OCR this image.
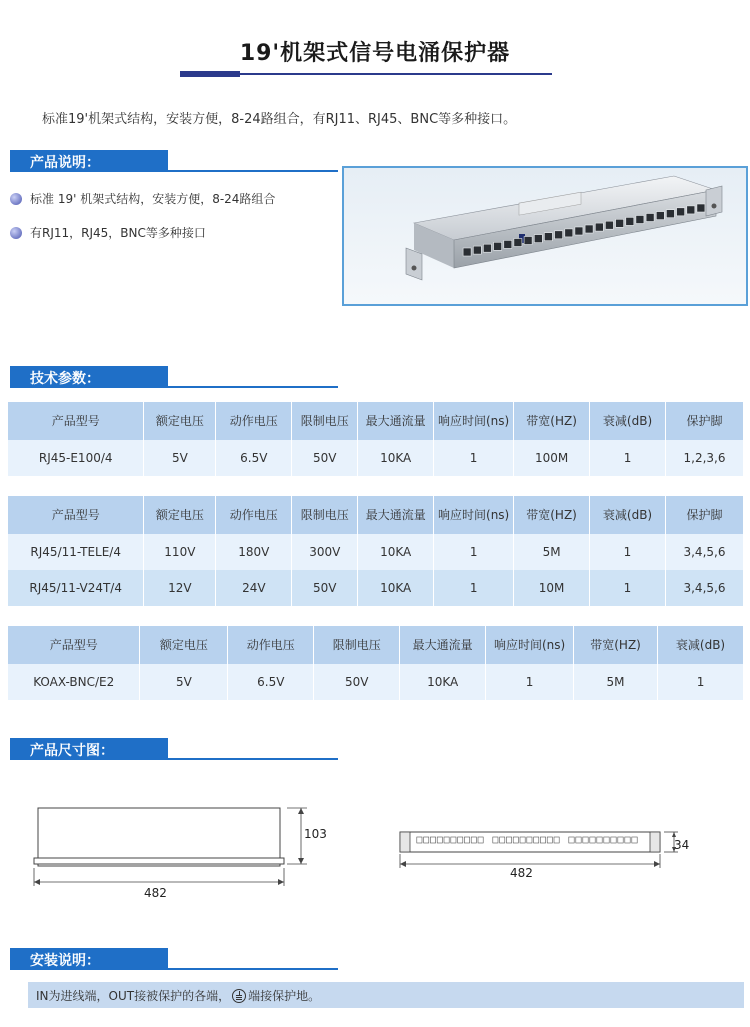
19'机架式信号电涌保护器
标准19'机架式结构，安装方便，8-24路组合，有RJ11、RJ45、BNC等多种接口。
产品说明：
标准 19' 机架式结构，安装方便，8-24路组合
有RJ11，RJ45，BNC等多种接口
技术参数：
产品型号	额定电压	动作电压	限制电压	最大通流量	响应时间(ns)	带宽(HZ)	衰减(dB)	保护脚
RJ45-E100/4	5V	6.5V	50V	10KA	1	100M	1	1,2,3,6
产品型号	额定电压	动作电压	限制电压	最大通流量	响应时间(ns)	带宽(HZ)	衰减(dB)	保护脚
RJ45/11-TELE/4	110V	180V	300V	10KA	1	5M	1	3,4,5,6
RJ45/11-V24T/4	12V	24V	50V	10KA	1	10M	1	3,4,5,6
产品型号	额定电压	动作电压	限制电压	最大通流量	响应时间(ns)	带宽(HZ)	衰减(dB)
KOAX-BNC/E2	5V	6.5V	50V	10KA	1	5M	1
产品尺寸图：
103
482
34
482
安装说明：
IN为进线端，OUT接被保护的各端， 端接保护地。
